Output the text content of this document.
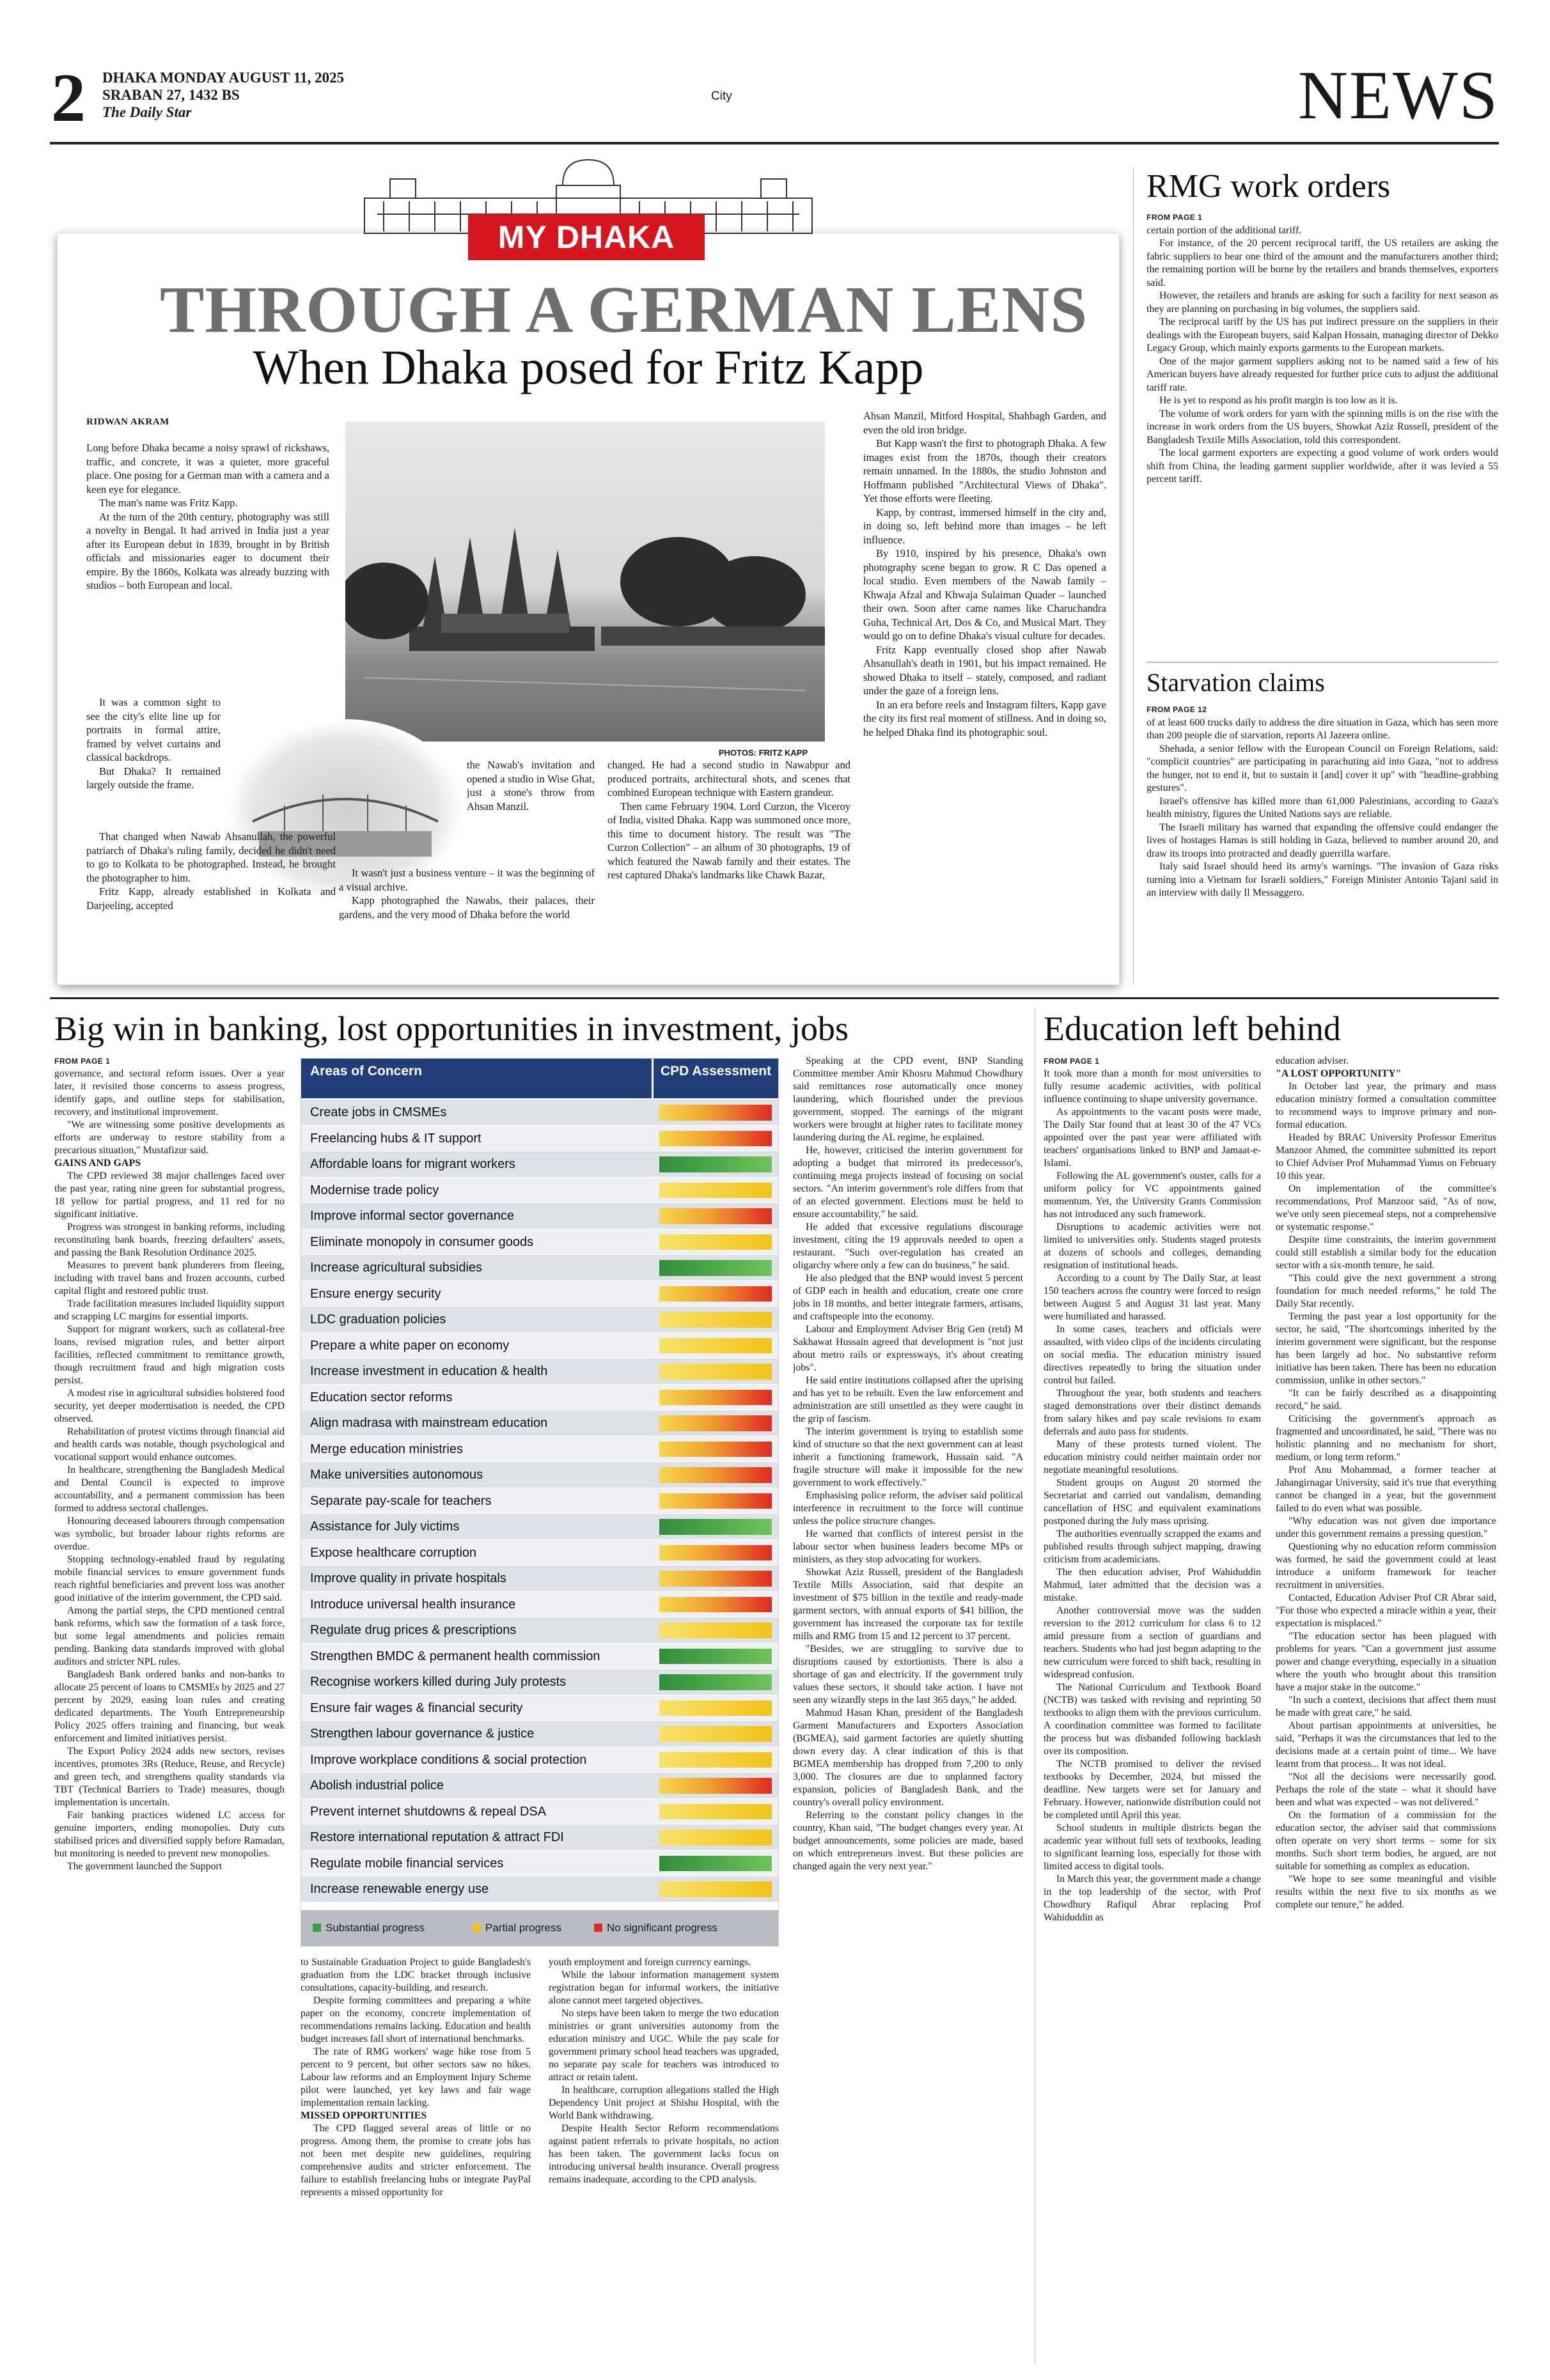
2 DHAKA MONDAY AUGUST 11, 2025
SRABAN 27, 1432 BS
The Daily Star
City	NEWS
MY DHAKA
THROUGH A GERMAN LENS
When Dhaka posed for Fritz Kapp
RIDWAN AKRAM
PHOTOS: FRITZ KAPP

Long before Dhaka became a noisy sprawl of rickshaws, traffic, and concrete, it was a quieter, more graceful place. One posing for a German man with a camera and a keen eye for elegance.

The man's name was Fritz Kapp.

At the turn of the 20th century, photography was still a novelty in Bengal. It had arrived in India just a year after its European debut in 1839, brought in by British officials and missionaries eager to document their empire. By the 1860s, Kolkata was already buzzing with studios – both European and local.

It was a common sight to see the city's elite line up for portraits in formal attire, framed by velvet curtains and classical backdrops.

But Dhaka? It remained largely outside the frame.

That changed when Nawab Ahsanullah, the powerful patriarch of Dhaka's ruling family, decided he didn't need to go to Kolkata to be photographed. Instead, he brought the photographer to him.

Fritz Kapp, already established in Kolkata and Darjeeling, accepted

the Nawab's invitation and opened a studio in Wise Ghat, just a stone's throw from Ahsan Manzil.

It wasn't just a business venture – it was the beginning of a visual archive.

Kapp photographed the Nawabs, their palaces, their gardens, and the very mood of Dhaka before the world

changed. He had a second studio in Nawabpur and produced portraits, architectural shots, and scenes that combined European technique with Eastern grandeur.

Then came February 1904. Lord Curzon, the Viceroy of India, visited Dhaka. Kapp was summoned once more, this time to document history. The result was "The Curzon Collection" – an album of 30 photographs, 19 of which featured the Nawab family and their estates. The rest captured Dhaka's landmarks like Chawk Bazar,

Ahsan Manzil, Mitford Hospital, Shahbagh Garden, and even the old iron bridge.

But Kapp wasn't the first to photograph Dhaka. A few images exist from the 1870s, though their creators remain unnamed. In the 1880s, the studio Johnston and Hoffmann published "Architectural Views of Dhaka". Yet those efforts were fleeting.

Kapp, by contrast, immersed himself in the city and, in doing so, left behind more than images – he left influence.

By 1910, inspired by his presence, Dhaka's own photography scene began to grow. R C Das opened a local studio. Even members of the Nawab family – Khwaja Afzal and Khwaja Sulaiman Quader – launched their own. Soon after came names like Charuchandra Guha, Technical Art, Dos & Co, and Musical Mart. They would go on to define Dhaka's visual culture for decades.

Fritz Kapp eventually closed shop after Nawab Ahsanullah's death in 1901, but his impact remained. He showed Dhaka to itself – stately, composed, and radiant under the gaze of a foreign lens.

In an era before reels and Instagram filters, Kapp gave the city its first real moment of stillness. And in doing so, he helped Dhaka find its photographic soul.

RMG work orders

FROM PAGE 1

certain portion of the additional tariff.

For instance, of the 20 percent reciprocal tariff, the US retailers are asking the fabric suppliers to bear one third of the amount and the manufacturers another third; the remaining portion will be borne by the retailers and brands themselves, exporters said.

However, the retailers and brands are asking for such a facility for next season as they are planning on purchasing in big volumes, the suppliers said.

The reciprocal tariff by the US has put indirect pressure on the suppliers in their dealings with the European buyers, said Kalpan Hossain, managing director of Dekko Legacy Group, which mainly exports garments to the European markets.

One of the major garment suppliers asking not to be named said a few of his American buyers have already requested for further price cuts to adjust the additional tariff rate.

He is yet to respond as his profit margin is too low as it is.

The volume of work orders for yarn with the spinning mills is on the rise with the increase in work orders from the US buyers, Showkat Aziz Russell, president of the Bangladesh Textile Mills Association, told this correspondent.

The local garment exporters are expecting a good volume of work orders would shift from China, the leading garment supplier worldwide, after it was levied a 55 percent tariff.

Starvation claims

FROM PAGE 12

of at least 600 trucks daily to address the dire situation in Gaza, which has seen more than 200 people die of starvation, reports Al Jazeera online.

Shehada, a senior fellow with the European Council on Foreign Relations, said: "complicit countries" are participating in parachuting aid into Gaza, "not to address the hunger, not to end it, but to sustain it [and] cover it up" with "headline-grabbing gestures".

Israel's offensive has killed more than 61,000 Palestinians, according to Gaza's health ministry, figures the United Nations says are reliable.

The Israeli military has warned that expanding the offensive could endanger the lives of hostages Hamas is still holding in Gaza, believed to number around 20, and draw its troops into protracted and deadly guerrilla warfare.

Italy said Israel should heed its army's warnings. "The invasion of Gaza risks turning into a Vietnam for Israeli soldiers," Foreign Minister Antonio Tajani said in an interview with daily Il Messaggero.

Big win in banking, lost opportunities in investment, jobs

FROM PAGE 1

governance, and sectoral reform issues. Over a year later, it revisited those concerns to assess progress, identify gaps, and outline steps for stabilisation, recovery, and institutional improvement.

"We are witnessing some positive developments as efforts are underway to restore stability from a precarious situation," Mustafizur said.

GAINS AND GAPS

The CPD reviewed 38 major challenges faced over the past year, rating nine green for substantial progress, 18 yellow for partial progress, and 11 red for no significant initiative.

Progress was strongest in banking reforms, including reconstituting bank boards, freezing defaulters' assets, and passing the Bank Resolution Ordinance 2025.

Measures to prevent bank plunderers from fleeing, including with travel bans and frozen accounts, curbed capital flight and restored public trust.

Trade facilitation measures included liquidity support and scrapping LC margins for essential imports.

Support for migrant workers, such as collateral-free loans, revised migration rules, and better airport facilities, reflected commitment to remittance growth, though recruitment fraud and high migration costs persist.

A modest rise in agricultural subsidies bolstered food security, yet deeper modernisation is needed, the CPD observed.

Rehabilitation of protest victims through financial aid and health cards was notable, though psychological and vocational support would enhance outcomes.

In healthcare, strengthening the Bangladesh Medical and Dental Council is expected to improve accountability, and a permanent commission has been formed to address sectoral challenges.

Honouring deceased labourers through compensation was symbolic, but broader labour rights reforms are overdue.

Stopping technology-enabled fraud by regulating mobile financial services to ensure government funds reach rightful beneficiaries and prevent loss was another good initiative of the interim government, the CPD said.

Among the partial steps, the CPD mentioned central bank reforms, which saw the formation of a task force, but some legal amendments and policies remain pending. Banking data standards improved with global auditors and stricter NPL rules.

Bangladesh Bank ordered banks and non-banks to allocate 25 percent of loans to CMSMEs by 2025 and 27 percent by 2029, easing loan rules and creating dedicated departments. The Youth Entrepreneurship Policy 2025 offers training and financing, but weak enforcement and limited initiatives persist.

The Export Policy 2024 adds new sectors, revises incentives, promotes 3Rs (Reduce, Reuse, and Recycle) and green tech, and strengthens quality standards via TBT (Technical Barriers to Trade) measures, though implementation is uncertain.

Fair banking practices widened LC access for genuine importers, ending monopolies. Duty cuts stabilised prices and diversified supply before Ramadan, but monitoring is needed to prevent new monopolies.

The government launched the Support

Areas of Concern	CPD Assessment
Create jobs in CMSMEs
Freelancing hubs & IT support
Affordable loans for migrant workers
Modernise trade policy
Improve informal sector governance
Eliminate monopoly in consumer goods
Increase agricultural subsidies
Ensure energy security
LDC graduation policies
Prepare a white paper on economy
Increase investment in education & health
Education sector reforms
Align madrasa with mainstream education
Merge education ministries
Make universities autonomous
Separate pay-scale for teachers
Assistance for July victims
Expose healthcare corruption
Improve quality in private hospitals
Introduce universal health insurance
Regulate drug prices & prescriptions
Strengthen BMDC & permanent health commission
Recognise workers killed during July protests
Ensure fair wages & financial security
Strengthen labour governance & justice
Improve workplace conditions & social protection
Abolish industrial police
Prevent internet shutdowns & repeal DSA
Restore international reputation & attract FDI
Regulate mobile financial services
Increase renewable energy use
Substantial progress	Partial progress	No significant progress

to Sustainable Graduation Project to guide Bangladesh's graduation from the LDC bracket through inclusive consultations, capacity-building, and research.

Despite forming committees and preparing a white paper on the economy, concrete implementation of recommendations remains lacking. Education and health budget increases fall short of international benchmarks.

The rate of RMG workers' wage hike rose from 5 percent to 9 percent, but other sectors saw no hikes. Labour law reforms and an Employment Injury Scheme pilot were launched, yet key laws and fair wage implementation remain lacking.

MISSED OPPORTUNITIES

The CPD flagged several areas of little or no progress. Among them, the promise to create jobs has not been met despite new guidelines, requiring comprehensive audits and stricter enforcement. The failure to establish freelancing hubs or integrate PayPal represents a missed opportunity for

youth employment and foreign currency earnings.

While the labour information management system registration began for informal workers, the initiative alone cannot meet targeted objectives.

No steps have been taken to merge the two education ministries or grant universities autonomy from the education ministry and UGC. While the pay scale for government primary school head teachers was upgraded, no separate pay scale for teachers was introduced to attract or retain talent.

In healthcare, corruption allegations stalled the High Dependency Unit project at Shishu Hospital, with the World Bank withdrawing.

Despite Health Sector Reform recommendations against patient referrals to private hospitals, no action has been taken. The government lacks focus on introducing universal health insurance. Overall progress remains inadequate, according to the CPD analysis.

Speaking at the CPD event, BNP Standing Committee member Amir Khosru Mahmud Chowdhury said remittances rose automatically once money laundering, which flourished under the previous government, stopped. The earnings of the migrant workers were brought at higher rates to facilitate money laundering during the AL regime, he explained.

He, however, criticised the interim government for adopting a budget that mirrored its predecessor's, continuing mega projects instead of focusing on social sectors. "An interim government's role differs from that of an elected government. Elections must be held to ensure accountability," he said.

He added that excessive regulations discourage investment, citing the 19 approvals needed to open a restaurant. "Such over-regulation has created an oligarchy where only a few can do business," he said.

He also pledged that the BNP would invest 5 percent of GDP each in health and education, create one crore jobs in 18 months, and better integrate farmers, artisans, and craftspeople into the economy.

Labour and Employment Adviser Brig Gen (retd) M Sakhawat Hussain agreed that development is "not just about metro rails or expressways, it's about creating jobs".

He said entire institutions collapsed after the uprising and has yet to be rebuilt. Even the law enforcement and administration are still unsettled as they were caught in the grip of fascism.

The interim government is trying to establish some kind of structure so that the next government can at least inherit a functioning framework, Hussain said. "A fragile structure will make it impossible for the new government to work effectively."

Emphasising police reform, the adviser said political interference in recruitment to the force will continue unless the police structure changes.

He warned that conflicts of interest persist in the labour sector when business leaders become MPs or ministers, as they stop advocating for workers.

Showkat Aziz Russell, president of the Bangladesh Textile Mills Association, said that despite an investment of $75 billion in the textile and ready-made garment sectors, with annual exports of $41 billion, the government has increased the corporate tax for textile mills and RMG from 15 and 12 percent to 37 percent.

"Besides, we are struggling to survive due to disruptions caused by extortionists. There is also a shortage of gas and electricity. If the government truly values these sectors, it should take action. I have not seen any wizardly steps in the last 365 days," he added.

Mahmud Hasan Khan, president of the Bangladesh Garment Manufacturers and Exporters Association (BGMEA), said garment factories are quietly shutting down every day. A clear indication of this is that BGMEA membership has dropped from 7,200 to only 3,000. The closures are due to unplanned factory expansion, policies of Bangladesh Bank, and the country's overall policy environment.

Referring to the constant policy changes in the country, Khan said, "The budget changes every year. At budget announcements, some policies are made, based on which entrepreneurs invest. But these policies are changed again the very next year."

Education left behind

FROM PAGE 1

It took more than a month for most universities to fully resume academic activities, with political influence continuing to shape university governance.

As appointments to the vacant posts were made, The Daily Star found that at least 30 of the 47 VCs appointed over the past year were affiliated with teachers' organisations linked to BNP and Jamaat-e-Islami.

Following the AL government's ouster, calls for a uniform policy for VC appointments gained momentum. Yet, the University Grants Commission has not introduced any such framework.

Disruptions to academic activities were not limited to universities only. Students staged protests at dozens of schools and colleges, demanding resignation of institutional heads.

According to a count by The Daily Star, at least 150 teachers across the country were forced to resign between August 5 and August 31 last year. Many were humiliated and harassed.

In some cases, teachers and officials were assaulted, with video clips of the incidents circulating on social media. The education ministry issued directives repeatedly to bring the situation under control but failed.

Throughout the year, both students and teachers staged demonstrations over their distinct demands from salary hikes and pay scale revisions to exam deferrals and auto pass for students.

Many of these protests turned violent. The education ministry could neither maintain order nor negotiate meaningful resolutions.

Student groups on August 20 stormed the Secretariat and carried out vandalism, demanding cancellation of HSC and equivalent examinations postponed during the July mass uprising.

The authorities eventually scrapped the exams and published results through subject mapping, drawing criticism from academicians.

The then education adviser, Prof Wahiduddin Mahmud, later admitted that the decision was a mistake.

Another controversial move was the sudden reversion to the 2012 curriculum for class 6 to 12 amid pressure from a section of guardians and teachers. Students who had just begun adapting to the new curriculum were forced to shift back, resulting in widespread confusion.

The National Curriculum and Textbook Board (NCTB) was tasked with revising and reprinting 50 textbooks to align them with the previous curriculum. A coordination committee was formed to facilitate the process but was disbanded following backlash over its composition.

The NCTB promised to deliver the revised textbooks by December, 2024, but missed the deadline. New targets were set for January and February. However, nationwide distribution could not be completed until April this year.

School students in multiple districts began the academic year without full sets of textbooks, leading to significant learning loss, especially for those with limited access to digital tools.

In March this year, the government made a change in the top leadership of the sector, with Prof Chowdhury Rafiqul Abrar replacing Prof Wahiduddin as

education adviser.

"A LOST OPPORTUNITY"

In October last year, the primary and mass education ministry formed a consultation committee to recommend ways to improve primary and non-formal education.

Headed by BRAC University Professor Emeritus Manzoor Ahmed, the committee submitted its report to Chief Adviser Prof Muhammad Yunus on February 10 this year.

On implementation of the committee's recommendations, Prof Manzoor said, "As of now, we've only seen piecemeal steps, not a comprehensive or systematic response."

Despite time constraints, the interim government could still establish a similar body for the education sector with a six-month tenure, he said.

"This could give the next government a strong foundation for much needed reforms," he told The Daily Star recently.

Terming the past year a lost opportunity for the sector, he said, "The shortcomings inherited by the interim government were significant, but the response has been largely ad hoc. No substantive reform initiative has been taken. There has been no education commission, unlike in other sectors."

"It can be fairly described as a disappointing record," he said.

Criticising the government's approach as fragmented and uncoordinated, he said, "There was no holistic planning and no mechanism for short, medium, or long term reform."

Prof Anu Mohammad, a former teacher at Jahangirnagar University, said it's true that everything cannot be changed in a year, but the government failed to do even what was possible.

"Why education was not given due importance under this government remains a pressing question."

Questioning why no education reform commission was formed, he said the government could at least introduce a uniform framework for teacher recruitment in universities.

Contacted, Education Adviser Prof CR Abrar said, "For those who expected a miracle within a year, their expectation is misplaced."

"The education sector has been plagued with problems for years. "Can a government just assume power and change everything, especially in a situation where the youth who brought about this transition have a major stake in the outcome."

"In such a context, decisions that affect them must be made with great care," he said.

About partisan appointments at universities, he said, "Perhaps it was the circumstances that led to the decisions made at a certain point of time... We have learnt from that process... It was not ideal.

"Not all the decisions were necessarily good. Perhaps the role of the state – what it should have been and what was expected – was not delivered."

On the formation of a commission for the education sector, the adviser said that commissions often operate on very short terms – some for six months. Such short term bodies, he argued, are not suitable for something as complex as education.

"We hope to see some meaningful and visible results within the next five to six months as we complete our tenure," he added.
